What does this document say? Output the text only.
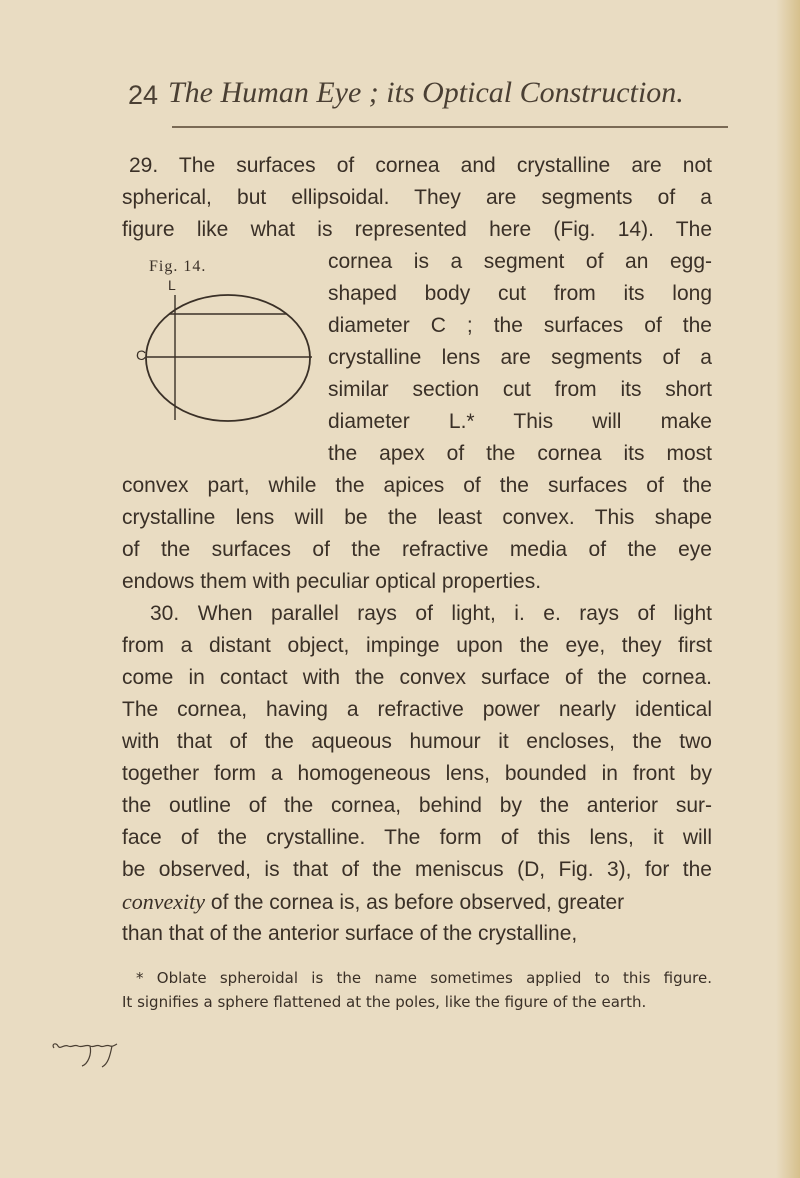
24 The Human Eye ; its Optical Construction.
Fig. 14.
L
C
29. The surfaces of cornea and crystalline are not
spherical, but ellipsoidal. They are segments of a
figure like what is represented here (Fig. 14). The
cornea is a segment of an egg-
shaped body cut from its long
diameter C ; the surfaces of the
crystalline lens are segments of a
similar section cut from its short
diameter L.* This will make
the apex of the cornea its most
convex part, while the apices of the surfaces of the
crystalline lens will be the least convex. This shape
of the surfaces of the refractive media of the eye
endows them with peculiar optical properties.
30. When parallel rays of light, i. e. rays of light
from a distant object, impinge upon the eye, they first
come in contact with the convex surface of the cornea.
The cornea, having a refractive power nearly identical
with that of the aqueous humour it encloses, the two
together form a homogeneous lens, bounded in front by
the outline of the cornea, behind by the anterior sur-
face of the crystalline. The form of this lens, it will
be observed, is that of the meniscus (D, Fig. 3), for the
convexity of the cornea is, as before observed, greater
than that of the anterior surface of the crystalline,
* Oblate spheroidal is the name sometimes applied to this figure.
It signifies a sphere flattened at the poles, like the figure of the earth.
